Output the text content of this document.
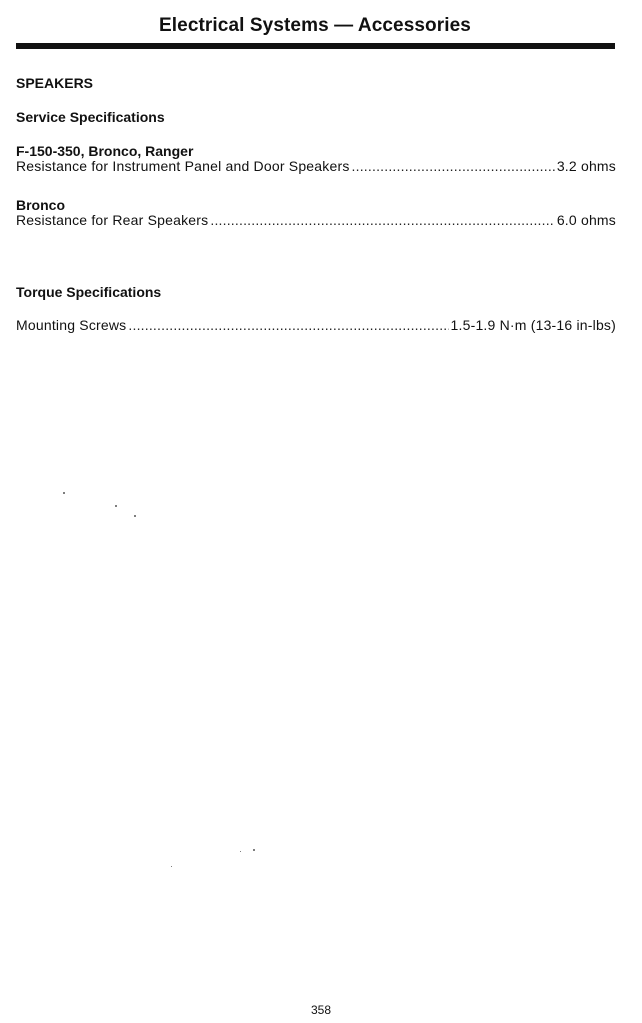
Electrical Systems — Accessories
SPEAKERS
Service Specifications
F-150-350, Bronco, Ranger
Resistance for Instrument Panel and Door Speakers .....	3.2 ohms
Bronco
Resistance for Rear Speakers .....	6.0 ohms
Torque Specifications
Mounting Screws .....	1.5-1.9 N·m (13-16 in-lbs)
358
